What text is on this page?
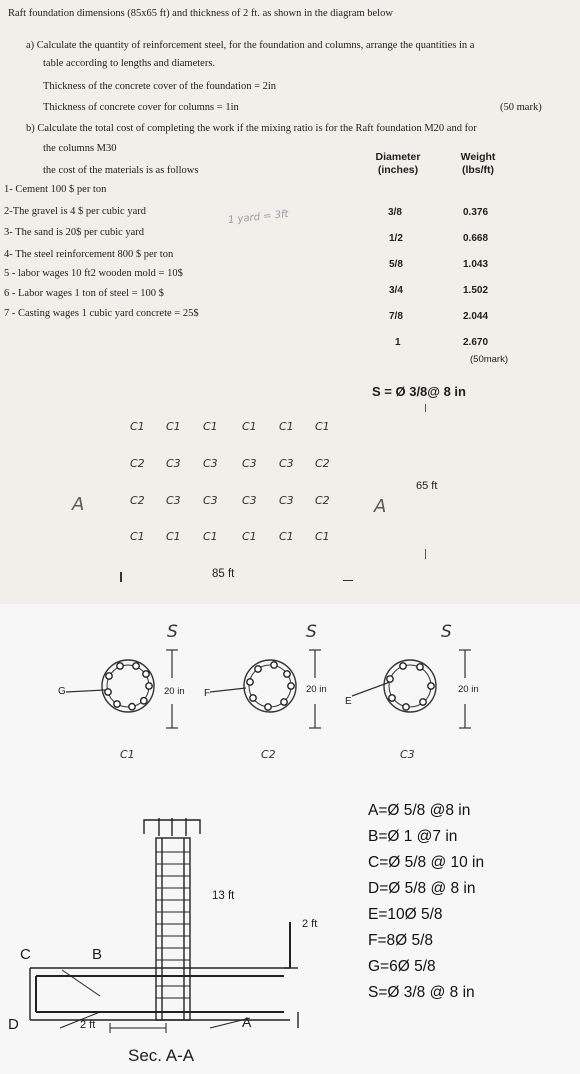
Raft foundation dimensions (85x65 ft) and thickness of 2 ft. as shown in the diagram below
a) Calculate the quantity of reinforcement steel, for the foundation and columns, arrange the quantities in a
table according to lengths and diameters.
Thickness of the concrete cover of the foundation = 2in
Thickness of concrete cover for columns = 1in	(50 mark)
b) Calculate the total cost of completing the work if the mixing ratio is for the Raft foundation M20 and for
the columns M30
the cost of the materials is as follows
1- Cement 100 $ per ton
2-The gravel is 4 $ per cubic yard
3- The sand is 20$ per cubic yard
4- The steel reinforcement 800 $ per ton
5 - labor wages 10 ft2 wooden mold = 10$
6 - Labor wages 1 ton of steel = 100 $
7 - Casting wages 1 cubic yard concrete = 25$
1 yard = 3ft
Diameter
(inches)
Weight
(lbs/ft)
3/8	0.376
1/2	0.668
5/8	1.043
3/4	1.502
7/8	2.044
1	2.670
(50mark)
S = Ø 3/8@ 8 in
C1 C1 C1 C1 C1 C1
C2 C3 C3 C3 C3 C2
C2 C3 C3 C3 C3 C2
C1 C1 C1 C1 C1 C1
A	A
65 ft
85 ft
S	S	S
20 in	20 in	20 in
G	F
E
C1	C2	C3
13 ft
2 ft
2 ft
Sec. A-A
C	B
D	A
A=Ø 5/8 @8 in
B=Ø 1 @7 in
C=Ø 5/8 @ 10 in
D=Ø 5/8 @ 8 in
E=10Ø 5/8
F=8Ø 5/8
G=6Ø 5/8
S=Ø 3/8 @ 8 in
